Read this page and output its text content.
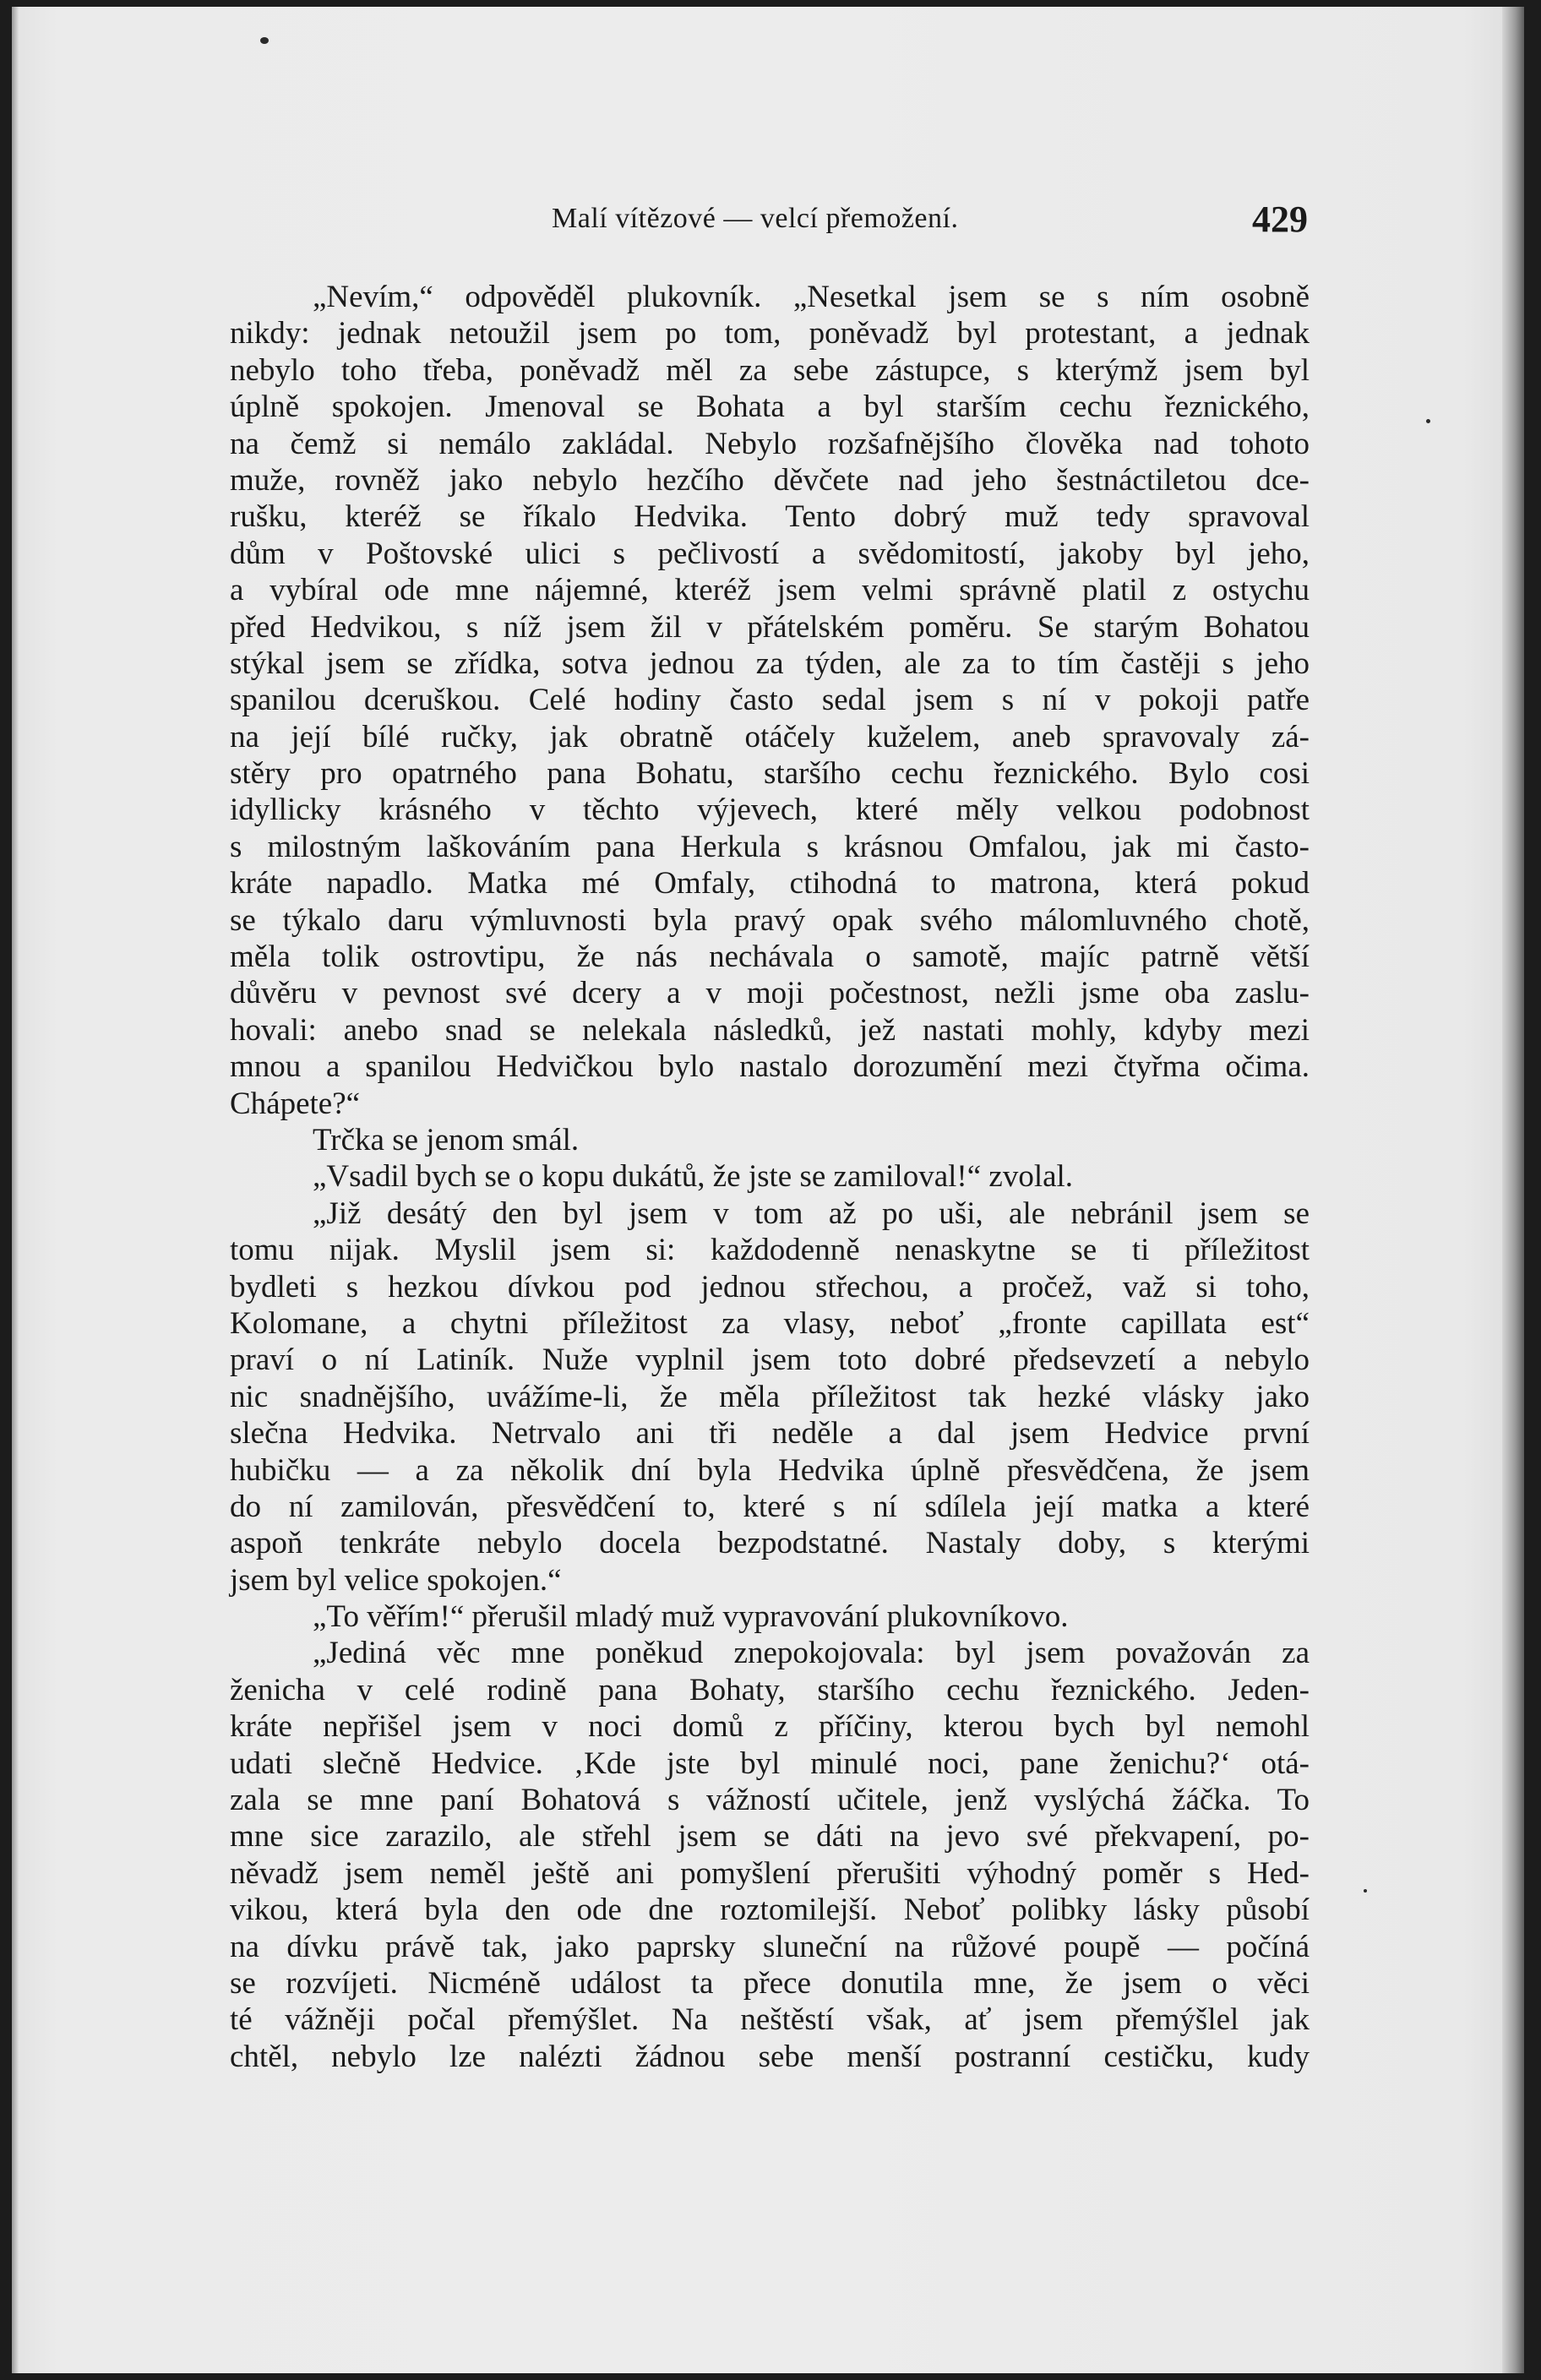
Malí vítězové — velcí přemožení.	429
„Nevím,“ odpověděl plukovník. „Nesetkal jsem se s ním osobně
nikdy: jednak netoužil jsem po tom, poněvadž byl protestant, a jednak
nebylo toho třeba, poněvadž měl za sebe zástupce, s kterýmž jsem byl
úplně spokojen. Jmenoval se Bohata a byl starším cechu řeznického,
na čemž si nemálo zakládal. Nebylo rozšafnějšího člověka nad tohoto
muže, rovněž jako nebylo hezčího děvčete nad jeho šestnáctiletou dce-
rušku, kteréž se říkalo Hedvika. Tento dobrý muž tedy spravoval
dům v Poštovské ulici s pečlivostí a svědomitostí, jakoby byl jeho,
a vybíral ode mne nájemné, kteréž jsem velmi správně platil z ostychu
před Hedvikou, s níž jsem žil v přátelském poměru. Se starým Bohatou
stýkal jsem se zřídka, sotva jednou za týden, ale za to tím častěji s jeho
spanilou dceruškou. Celé hodiny často sedal jsem s ní v pokoji patře
na její bílé ručky, jak obratně otáčely kuželem, aneb spravovaly zá-
stěry pro opatrného pana Bohatu, staršího cechu řeznického. Bylo cosi
idyllicky krásného v těchto výjevech, které měly velkou podobnost
s milostným laškováním pana Herkula s krásnou Omfalou, jak mi často-
kráte napadlo. Matka mé Omfaly, ctihodná to matrona, která pokud
se týkalo daru výmluvnosti byla pravý opak svého málomluvného chotě,
měla tolik ostrovtipu, že nás nechávala o samotě, majíc patrně větší
důvěru v pevnost své dcery a v moji počestnost, nežli jsme oba zaslu-
hovali: anebo snad se nelekala následků, jež nastati mohly, kdyby mezi
mnou a spanilou Hedvičkou bylo nastalo dorozumění mezi čtyřma očima.
Chápete?“
Trčka se jenom smál.
„Vsadil bych se o kopu dukátů, že jste se zamiloval!“ zvolal.
„Již desátý den byl jsem v tom až po uši, ale nebránil jsem se
tomu nijak. Myslil jsem si: každodenně nenaskytne se ti příležitost
bydleti s hezkou dívkou pod jednou střechou, a pročež, važ si toho,
Kolomane, a chytni příležitost za vlasy, neboť „fronte capillata est“
praví o ní Latiník. Nuže vyplnil jsem toto dobré předsevzetí a nebylo
nic snadnějšího, uvážíme-li, že měla příležitost tak hezké vlásky jako
slečna Hedvika. Netrvalo ani tři neděle a dal jsem Hedvice první
hubičku — a za několik dní byla Hedvika úplně přesvědčena, že jsem
do ní zamilován, přesvědčení to, které s ní sdílela její matka a které
aspoň tenkráte nebylo docela bezpodstatné. Nastaly doby, s kterými
jsem byl velice spokojen.“
„To věřím!“ přerušil mladý muž vypravování plukovníkovo.
„Jediná věc mne poněkud znepokojovala: byl jsem považován za
ženicha v celé rodině pana Bohaty, staršího cechu řeznického. Jeden-
kráte nepřišel jsem v noci domů z příčiny, kterou bych byl nemohl
udati slečně Hedvice. ‚Kde jste byl minulé noci, pane ženichu?‘ otá-
zala se mne paní Bohatová s vážností učitele, jenž vyslýchá žáčka. To
mne sice zarazilo, ale střehl jsem se dáti na jevo své překvapení, po-
něvadž jsem neměl ještě ani pomyšlení přerušiti výhodný poměr s Hed-
vikou, která byla den ode dne roztomilejší. Neboť polibky lásky působí
na dívku právě tak, jako paprsky sluneční na růžové poupě — počíná
se rozvíjeti. Nicméně událost ta přece donutila mne, že jsem o věci
té vážněji počal přemýšlet. Na neštěstí však, ať jsem přemýšlel jak
chtěl, nebylo lze nalézti žádnou sebe menší postranní cestičku, kudy
